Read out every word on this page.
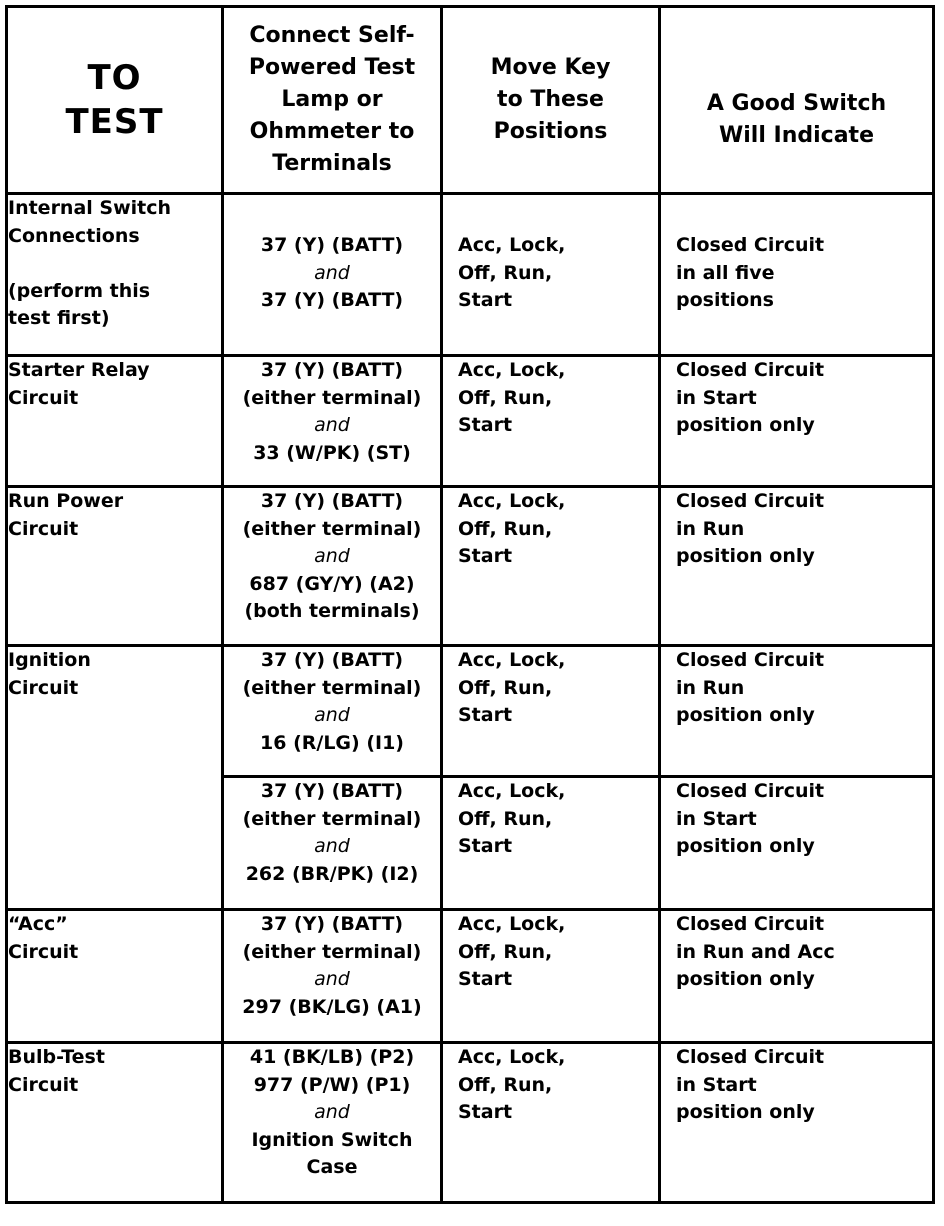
TO
TEST	Connect Self-
Powered Test
Lamp or
Ohmmeter to
Terminals	Move Key
to These
Positions	A Good Switch
Will Indicate

Internal Switch
Connections
(perform this
test first)	37 (Y) (BATT)
and
37 (Y) (BATT)	Acc, Lock,
Off, Run,
Start	Closed Circuit
in all five
positions

Starter Relay
Circuit	37 (Y) (BATT)
(either terminal)
and
33 (W/PK) (ST)	Acc, Lock,
Off, Run,
Start	Closed Circuit
in Start
position only

Run Power
Circuit	37 (Y) (BATT)
(either terminal)
and
687 (GY/Y) (A2)
(both terminals)	Acc, Lock,
Off, Run,
Start	Closed Circuit
in Run
position only

Ignition
Circuit	37 (Y) (BATT)
(either terminal)
and
16 (R/LG) (I1)	Acc, Lock,
Off, Run,
Start	Closed Circuit
in Run
position only

	37 (Y) (BATT)
(either terminal)
and
262 (BR/PK) (I2)	Acc, Lock,
Off, Run,
Start	Closed Circuit
in Start
position only

“Acc”
Circuit	37 (Y) (BATT)
(either terminal)
and
297 (BK/LG) (A1)	Acc, Lock,
Off, Run,
Start	Closed Circuit
in Run and Acc
position only

Bulb-Test
Circuit	41 (BK/LB) (P2)
977 (P/W) (P1)
and
Ignition Switch
Case	Acc, Lock,
Off, Run,
Start	Closed Circuit
in Start
position only
